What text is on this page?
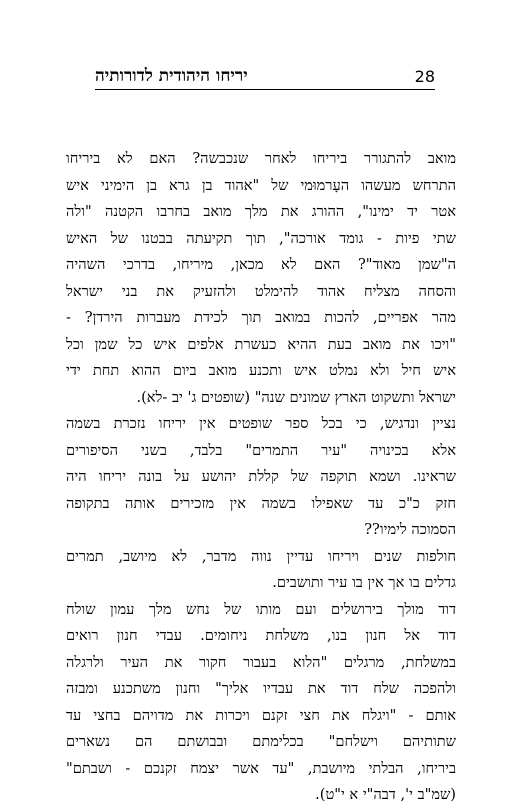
28
יריחו היהודית לדורותיה
מואב להתגורר ביריחו לאחר שנכבשה? האם לא ביריחו
התרחש מעשהו העָרמוּמי של "אהוד בן גרא בן הימיני איש
אטר יד ימינו", ההורג את מלך מואב בחרבו הקטנה "ולה
שתי פיות - גומד אורכה", תוך תקיעתה בבטנו של האיש
ה"שמן מאוד"? האם לא מכאן, מיריחו, בדרכי השהיה
והסחה מצליח אהוד להימלט ולהזעיק את בני ישראל
מהר אפריים, להכות במואב תוך לכידת מעברות הירדן? -
"ויכו את מואב בעת ההיא כעשרת אלפים איש כל שמן וכל
איש חיל ולא נמלט איש ותכנע מואב ביום ההוא תחת ידי
ישראל ותשקוט הארץ שמונים שנה" (שופטים ג' יב -לא).
נציין ונדגיש, כי בכל ספר שופטים אין יריחו נזכרת בשמה
אלא בכינויה "עיר התמרים" בלבד, בשני הסיפורים
שראינו. ושמא תוקפה של קללת יהושע על בונה יריחו היה
חזק כ"כ עד שאפילו בשמה אין מזכירים אותה בתקופה
הסמוכה לימיו??
חולפות שנים ויריחו עדיין נווה מדבר, לא מיושב, תמרים
גדלים בו אך אין בו עיר ותושבים.
דוד מולך בירושלים ועם מותו של נחש מלך עמון שולח
דוד אל חנון בנו, משלחת ניחומים. עבדי חנון רואים
במשלחת, מרגלים "הלוא בעבור חקור את העיר ולרגלה
ולהפכה שלח דוד את עבדיו אליך" וחנון משתכנע ומבזה
אותם - "ויגלח את חצי זקנם ויכרות את מדויהם בחצי עד
שתותיהם וישלחם" בכלימתם ובבושתם הם נשארים
ביריחו, הבלתי מיושבת, "עד אשר יצמח זקנכם - ושבתם"
(שמ"ב י', דבה"י א י"ט).
